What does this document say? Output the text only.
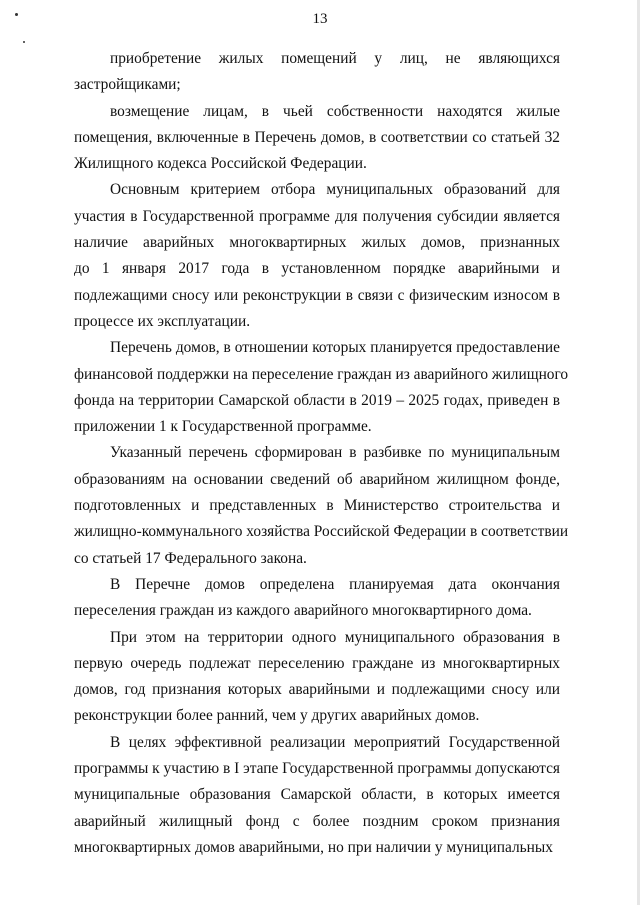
13
приобретение жилых помещений у лиц, не являющихся
застройщиками;
возмещение лицам, в чьей собственности находятся жилые
помещения, включенные в Перечень домов, в соответствии со статьей 32
Жилищного кодекса Российской Федерации.
Основным критерием отбора муниципальных образований для
участия в Государственной программе для получения субсидии является
наличие аварийных многоквартирных жилых домов, признанных
до 1 января 2017 года в установленном порядке аварийными и
подлежащими сносу или реконструкции в связи с физическим износом в
процессе их эксплуатации.
Перечень домов, в отношении которых планируется предоставление
финансовой поддержки на переселение граждан из аварийного жилищного
фонда на территории Самарской области в 2019 – 2025 годах, приведен в
приложении 1 к Государственной программе.
Указанный перечень сформирован в разбивке по муниципальным
образованиям на основании сведений об аварийном жилищном фонде,
подготовленных и представленных в Министерство строительства и
жилищно-коммунального хозяйства Российской Федерации в соответствии
со статьей 17 Федерального закона.
В Перечне домов определена планируемая дата окончания
переселения граждан из каждого аварийного многоквартирного дома.
При этом на территории одного муниципального образования в
первую очередь подлежат переселению граждане из многоквартирных
домов, год признания которых аварийными и подлежащими сносу или
реконструкции более ранний, чем у других аварийных домов.
В целях эффективной реализации мероприятий Государственной
программы к участию в I этапе Государственной программы допускаются
муниципальные образования Самарской области, в которых имеется
аварийный жилищный фонд с более поздним сроком признания
многоквартирных домов аварийными, но при наличии у муниципальных
